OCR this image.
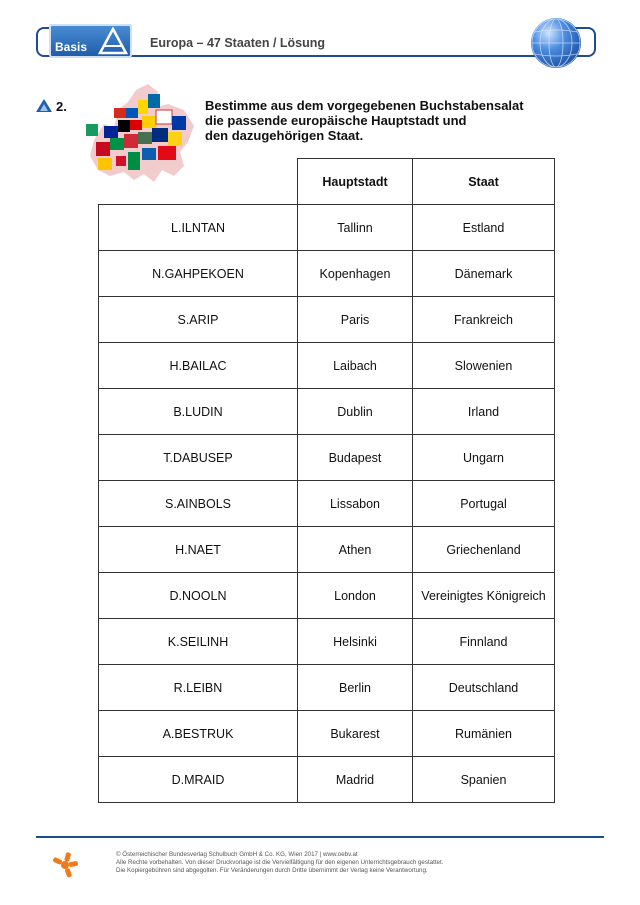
Basis	Europa – 47 Staaten / Lösung
2.	Bestimme aus dem vorgegebenen Buchstabensalat
die passende europäische Hauptstadt und
den dazugehörigen Staat.
	Hauptstadt	Staat
L.ILNTAN	Tallinn	Estland
N.GAHPEKOEN	Kopenhagen	Dänemark
S.ARIP	Paris	Frankreich
H.BAILAC	Laibach	Slowenien
B.LUDIN	Dublin	Irland
T.DABUSEP	Budapest	Ungarn
S.AINBOLS	Lissabon	Portugal
H.NAET	Athen	Griechenland
D.NOOLN	London	Vereinigtes Königreich
K.SEILINH	Helsinki	Finnland
R.LEIBN	Berlin	Deutschland
A.BESTRUK	Bukarest	Rumänien
D.MRAID	Madrid	Spanien
© Österreichischer Bundesverlag Schulbuch GmbH & Co. KG, Wien 2017 | www.oebv.at
Alle Rechte vorbehalten. Von dieser Druckvorlage ist die Vervielfältigung für den eigenen Unterrichtsgebrauch gestattet.
Die Kopiergebühren sind abgegolten. Für Veränderungen durch Dritte übernimmt der Verlag keine Verantwortung.
